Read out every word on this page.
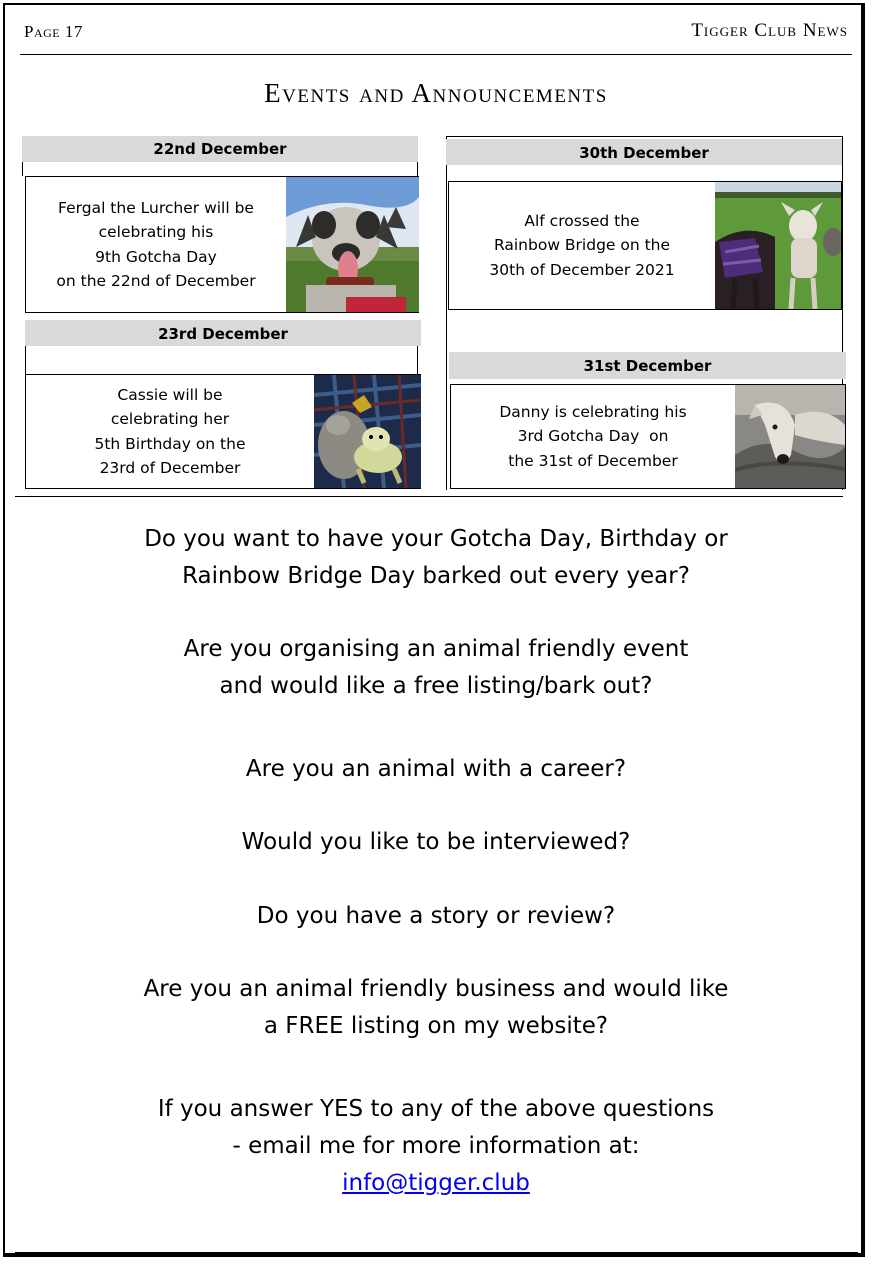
Page 17	Tigger Club News
Events and Announcements
22nd December
Fergal the Lurcher will be
celebrating his
9th Gotcha Day
on the 22nd of December
23rd December
Cassie will be
celebrating her
5th Birthday on the
23rd of December
30th December
Alf crossed the
Rainbow Bridge on the
30th of December 2021
31st December
Danny is celebrating his
3rd Gotcha Day  on
the 31st of December
Do you want to have your Gotcha Day, Birthday or
Rainbow Bridge Day barked out every year?
Are you organising an animal friendly event
and would like a free listing/bark out?
Are you an animal with a career?
Would you like to be interviewed?
Do you have a story or review?
Are you an animal friendly business and would like
a FREE listing on my website?
If you answer YES to any of the above questions
- email me for more information at:
info@tigger.club
